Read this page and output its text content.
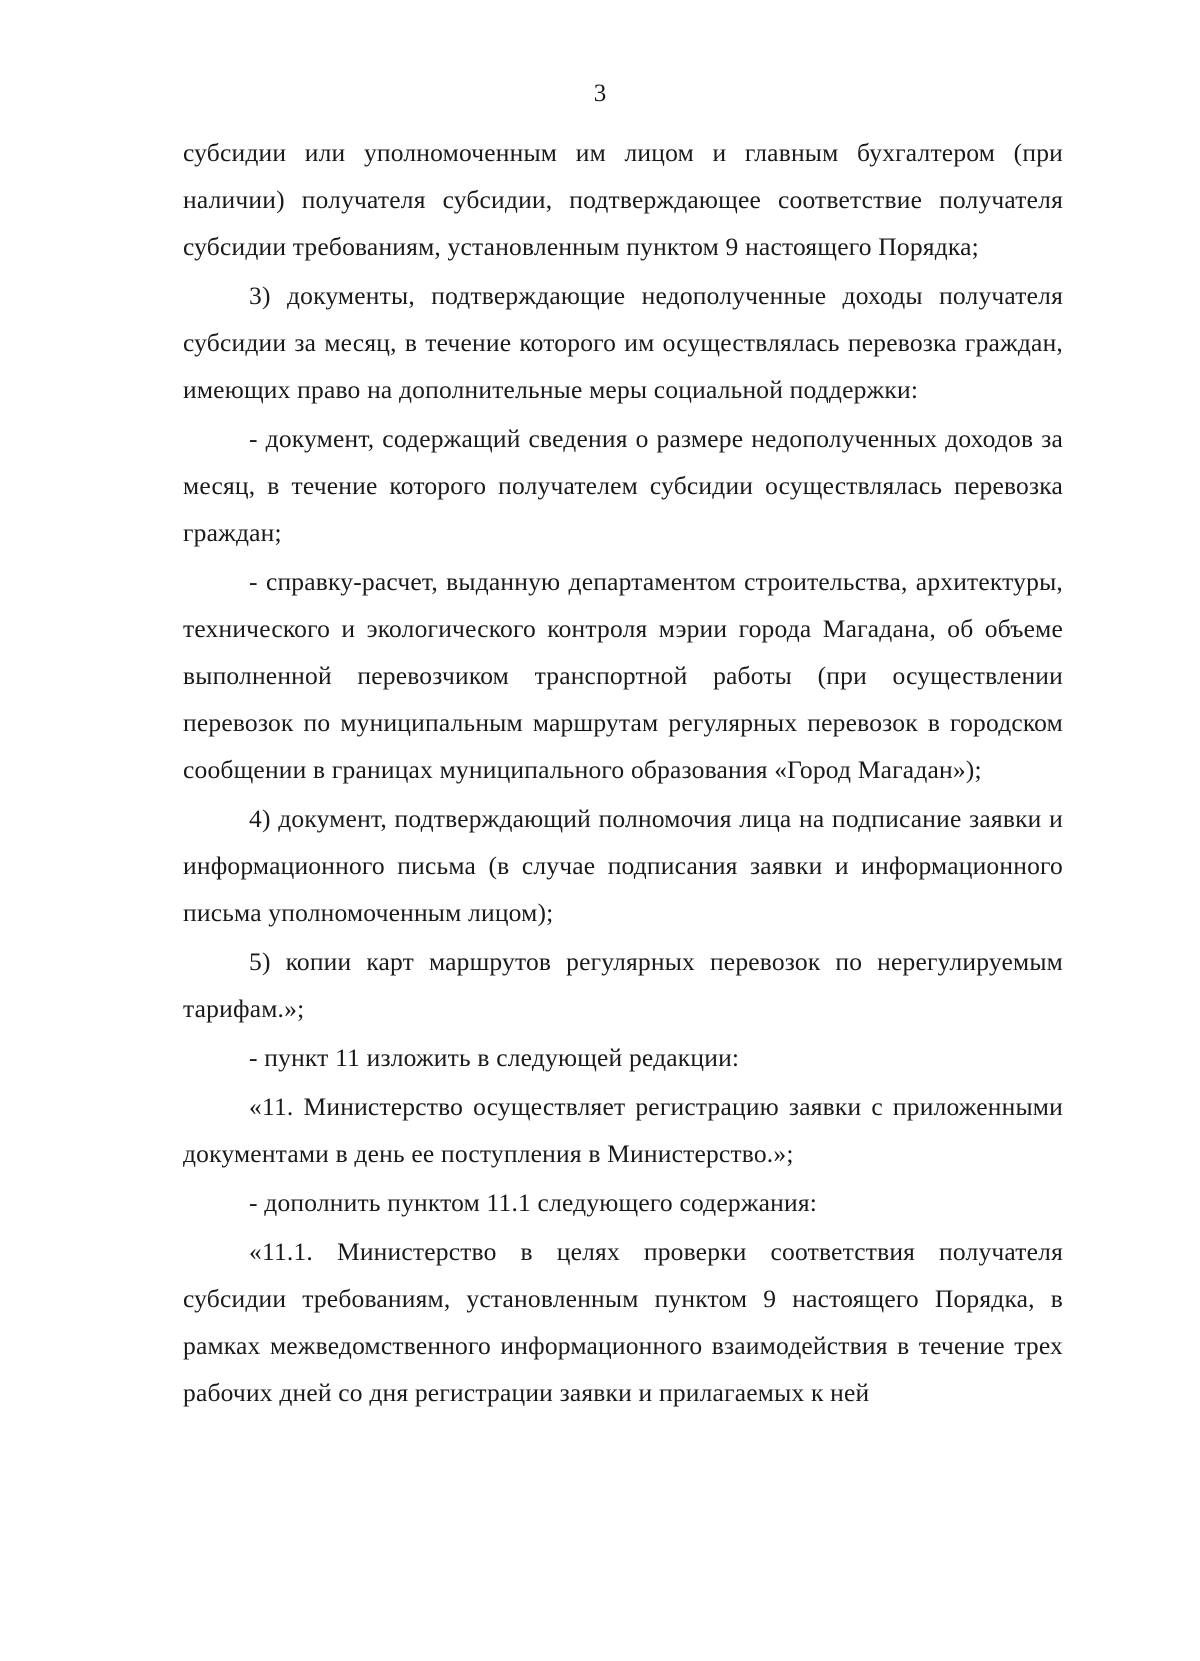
3

субсидии или уполномоченным им лицом и главным бухгалтером (при наличии) получателя субсидии, подтверждающее соответствие получателя субсидии требованиям, установленным пунктом 9 настоящего Порядка;

3) документы, подтверждающие недополученные доходы получателя субсидии за месяц, в течение которого им осуществлялась перевозка граждан, имеющих право на дополнительные меры социальной поддержки:

- документ, содержащий сведения о размере недополученных доходов за месяц, в течение которого получателем субсидии осуществлялась перевозка граждан;

- справку-расчет, выданную департаментом строительства, архитектуры, технического и экологического контроля мэрии города Магадана, об объеме выполненной перевозчиком транспортной работы (при осуществлении перевозок по муниципальным маршрутам регулярных перевозок в городском сообщении в границах муниципального образования «Город Магадан»);

4) документ, подтверждающий полномочия лица на подписание заявки и информационного письма (в случае подписания заявки и информационного письма уполномоченным лицом);

5) копии карт маршрутов регулярных перевозок по нерегулируемым тарифам.»;

- пункт 11 изложить в следующей редакции:

«11. Министерство осуществляет регистрацию заявки с приложенными документами в день ее поступления в Министерство.»;

- дополнить пунктом 11.1 следующего содержания:

«11.1. Министерство в целях проверки соответствия получателя субсидии требованиям, установленным пунктом 9 настоящего Порядка, в рамках межведомственного информационного взаимодействия в течение трех рабочих дней со дня регистрации заявки и прилагаемых к ней
